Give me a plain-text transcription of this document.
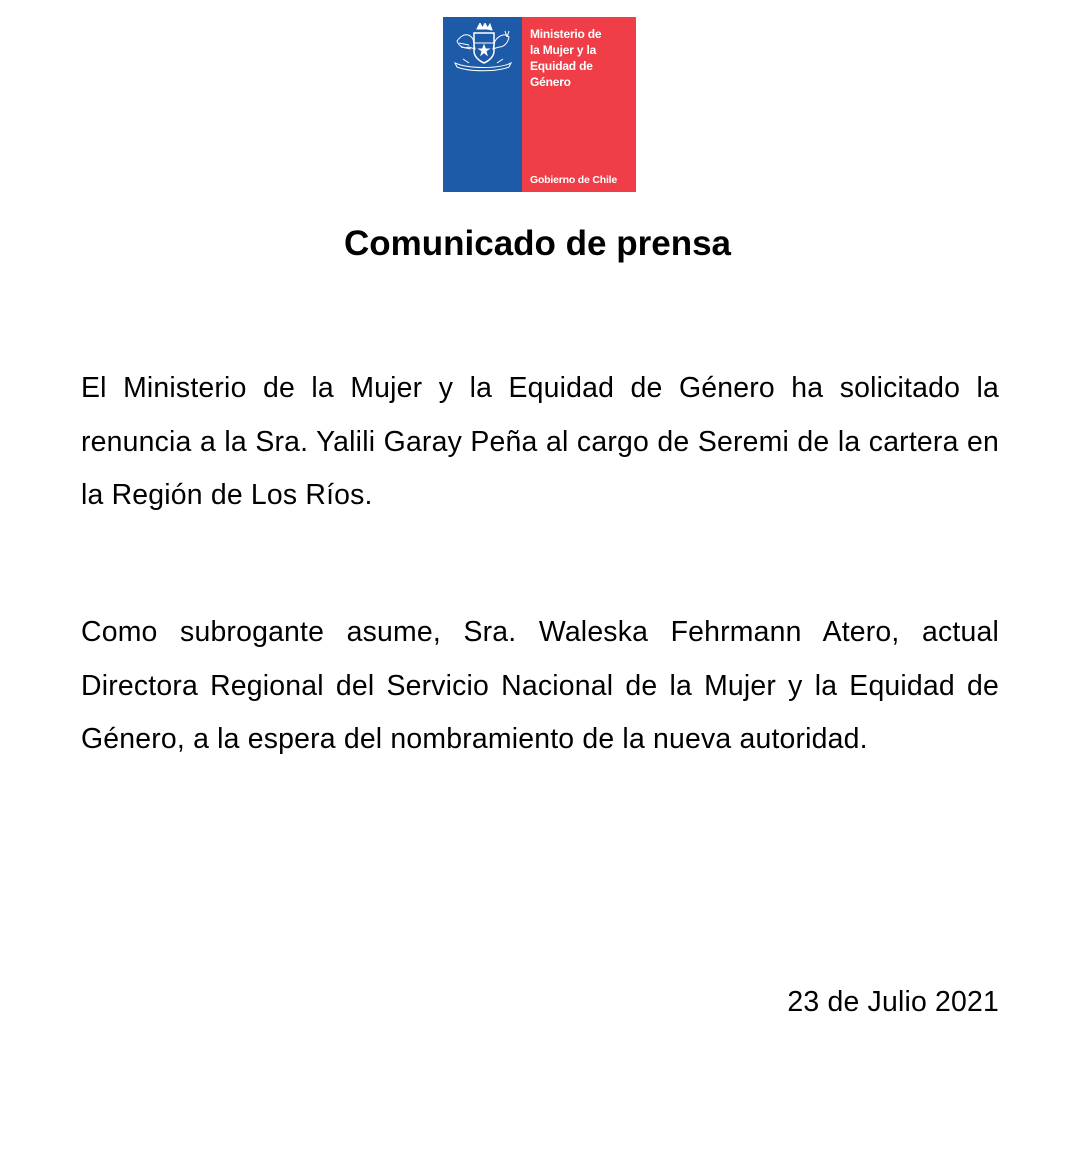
Ministerio de
la Mujer y la
Equidad de
Género
Gobierno de Chile
Comunicado de prensa

El Ministerio de la Mujer y la Equidad de Género ha solicitado la renuncia a la Sra. Yalili Garay Peña al cargo de Seremi de la cartera en la Región de Los Ríos.

Como subrogante asume, Sra. Waleska Fehrmann Atero, actual Directora Regional del Servicio Nacional de la Mujer y la Equidad de Género, a la espera del nombramiento de la nueva autoridad.

23 de Julio 2021
